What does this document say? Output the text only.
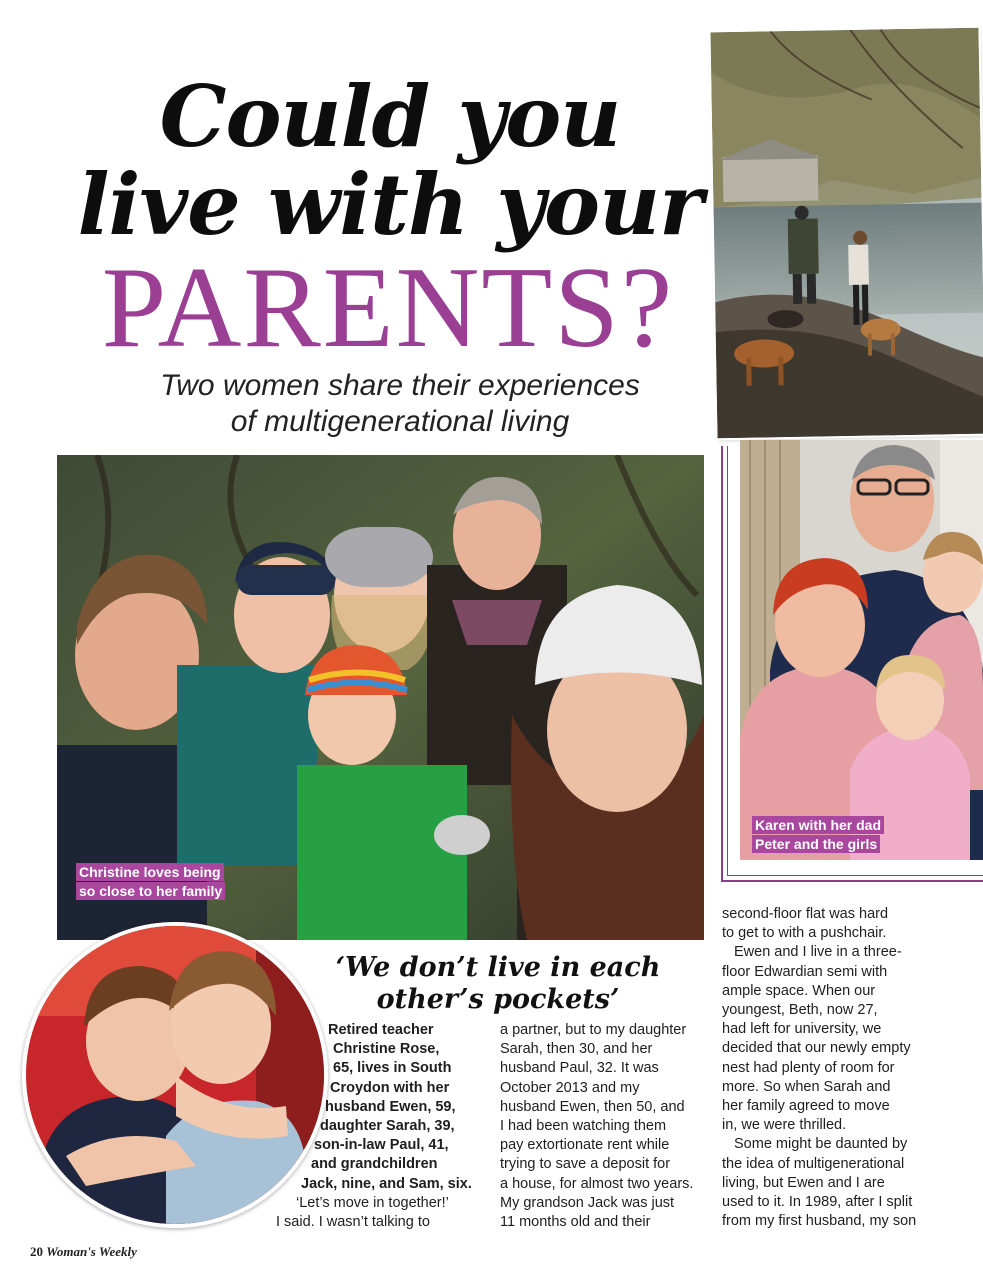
Could you
live with your
PARENTS?
Two women share their experiences
of multigenerational living
Christine loves being
so close to her family
Karen with her dad
Peter and the girls
‘We don’t live in each
other’s pockets’

Retired teacher

Christine Rose,

65, lives in South

Croydon with her

husband Ewen, 59,

daughter Sarah, 39,

son-in-law Paul, 41,

and grandchildren

Jack, nine, and Sam, six.

‘Let’s move in together!’

I said. I wasn’t talking to

a partner, but to my daughter

Sarah, then 30, and her

husband Paul, 32. It was

October 2013 and my

husband Ewen, then 50, and

I had been watching them

pay extortionate rent while

trying to save a deposit for

a house, for almost two years.

My grandson Jack was just

11 months old and their

second-floor flat was hard

to get to with a pushchair.

Ewen and I live in a three-

floor Edwardian semi with

ample space. When our

youngest, Beth, now 27,

had left for university, we

decided that our newly empty

nest had plenty of room for

more. So when Sarah and

her family agreed to move

in, we were thrilled.

Some might be daunted by

the idea of multigenerational

living, but Ewen and I are

used to it. In 1989, after I split

from my first husband, my son

20 Woman's Weekly
